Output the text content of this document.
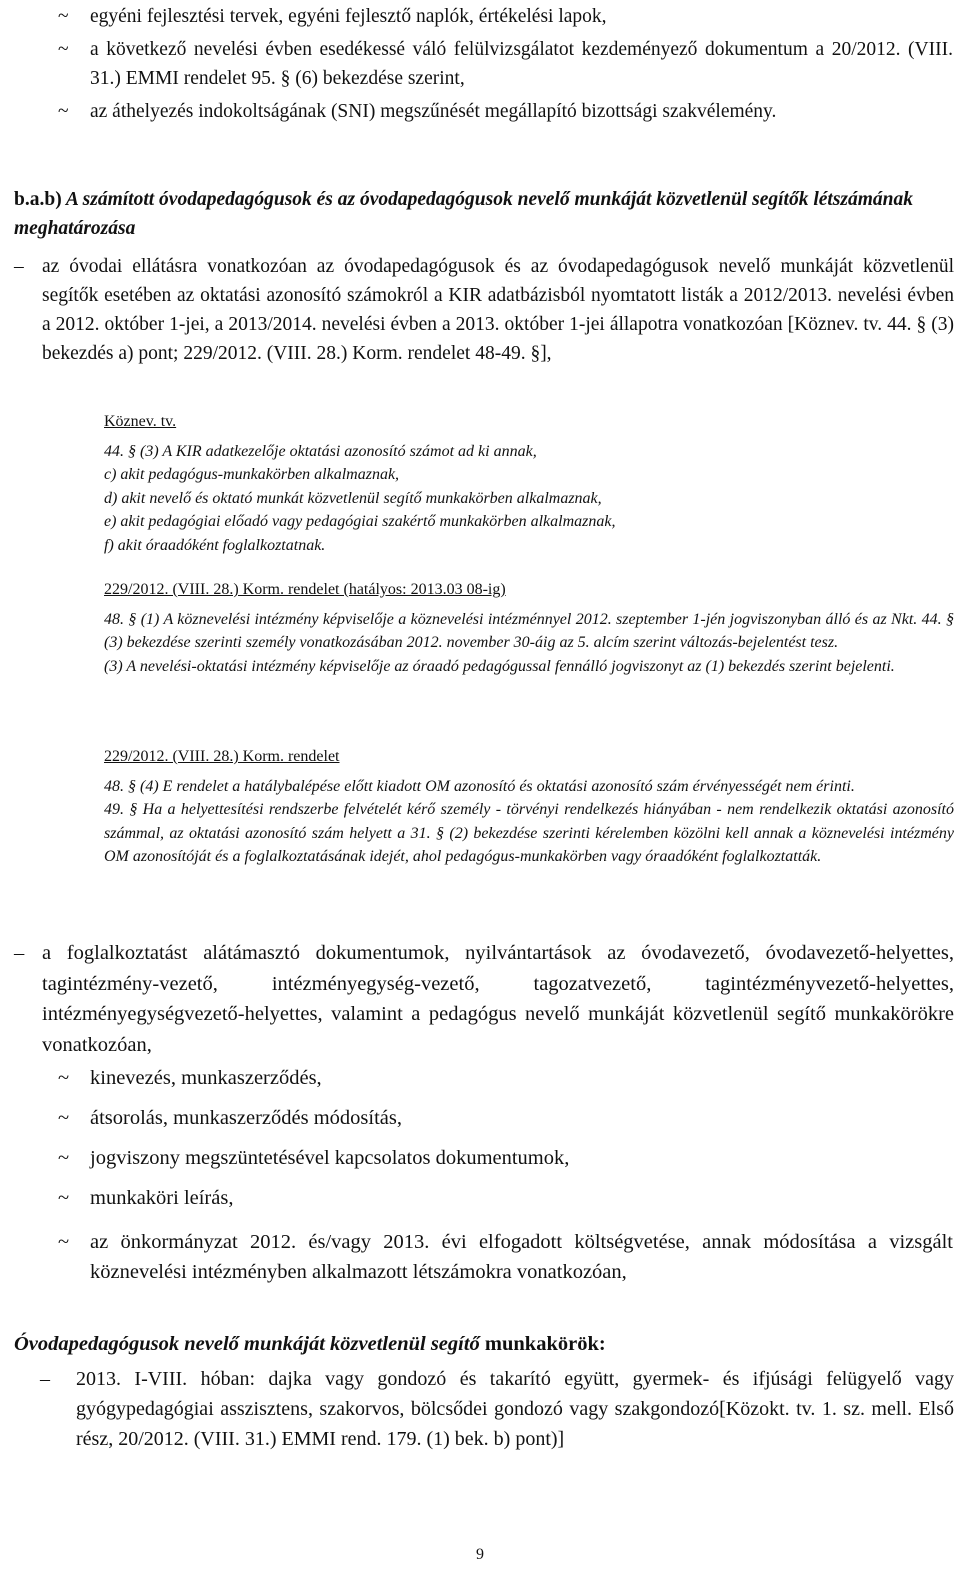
~ egyéni fejlesztési tervek, egyéni fejlesztő naplók, értékelési lapok,
~ a következő nevelési évben esedékessé váló felülvizsgálatot kezdeményező dokumentum a 20/2012. (VIII. 31.) EMMI rendelet 95. § (6) bekezdése szerint,
~ az áthelyezés indokoltságának (SNI) megszűnését megállapító bizottsági szakvélemény.
b.a.b) A számított óvodapedagógusok és az óvodapedagógusok nevelő munkáját közvetlenül segítők létszámának meghatározása
– az óvodai ellátásra vonatkozóan az óvodapedagógusok és az óvodapedagógusok nevelő munkáját közvetlenül segítők esetében az oktatási azonosító számokról a KIR adatbázisból nyomtatott listák a 2012/2013. nevelési évben a 2012. október 1-jei, a 2013/2014. nevelési évben a 2013. október 1-jei állapotra vonatkozóan [Köznev. tv. 44. § (3) bekezdés a) pont; 229/2012. (VIII. 28.) Korm. rendelet 48-49. §],
Köznev. tv.

44. § (3) A KIR adatkezelője oktatási azonosító számot ad ki annak,

c) akit pedagógus-munkakörben alkalmaznak,

d) akit nevelő és oktató munkát közvetlenül segítő munkakörben alkalmaznak,

e) akit pedagógiai előadó vagy pedagógiai szakértő munkakörben alkalmaznak,

f) akit óraadóként foglalkoztatnak.

229/2012. (VIII. 28.) Korm. rendelet (hatályos: 2013.03 08-ig)

48. § (1) A köznevelési intézmény képviselője a köznevelési intézménnyel 2012. szeptember 1-jén jogviszonyban álló és az Nkt. 44. § (3) bekezdése szerinti személy vonatkozásában 2012. november 30-áig az 5. alcím szerint változás-bejelentést tesz.

(3) A nevelési-oktatási intézmény képviselője az óraadó pedagógussal fennálló jogviszonyt az (1) bekezdés szerint bejelenti.

229/2012. (VIII. 28.) Korm. rendelet

48. § (4) E rendelet a hatálybalépése előtt kiadott OM azonosító és oktatási azonosító szám érvényességét nem érinti.

49. § Ha a helyettesítési rendszerbe felvételét kérő személy - törvényi rendelkezés hiányában - nem rendelkezik oktatási azonosító számmal, az oktatási azonosító szám helyett a 31. § (2) bekezdése szerinti kérelemben közölni kell annak a köznevelési intézmény OM azonosítóját és a foglalkoztatásának idejét, ahol pedagógus-munkakörben vagy óraadóként foglalkoztatták.

– a foglalkoztatást alátámasztó dokumentumok, nyilvántartások az óvodavezető, óvodavezető-helyettes, tagintézmény-vezető, intézményegység-vezető, tagozatvezető, tagintézményvezető-helyettes, intézményegységvezető-helyettes, valamint a pedagógus nevelő munkáját közvetlenül segítő munkakörökre vonatkozóan,
~ kinevezés, munkaszerződés,
~ átsorolás, munkaszerződés módosítás,
~ jogviszony megszüntetésével kapcsolatos dokumentumok,
~ munkaköri leírás,
~ az önkormányzat 2012. és/vagy 2013. évi elfogadott költségvetése, annak módosítása a vizsgált köznevelési intézményben alkalmazott létszámokra vonatkozóan,
Óvodapedagógusok nevelő munkáját közvetlenül segítő munkakörök:
– 2013. I-VIII. hóban: dajka vagy gondozó és takarító együtt, gyermek- és ifjúsági felügyelő vagy gyógypedagógiai asszisztens, szakorvos, bölcsődei gondozó vagy szakgondozó[Közokt. tv. 1. sz. mell. Első rész, 20/2012. (VIII. 31.) EMMI rend. 179. (1) bek. b) pont)]
9
